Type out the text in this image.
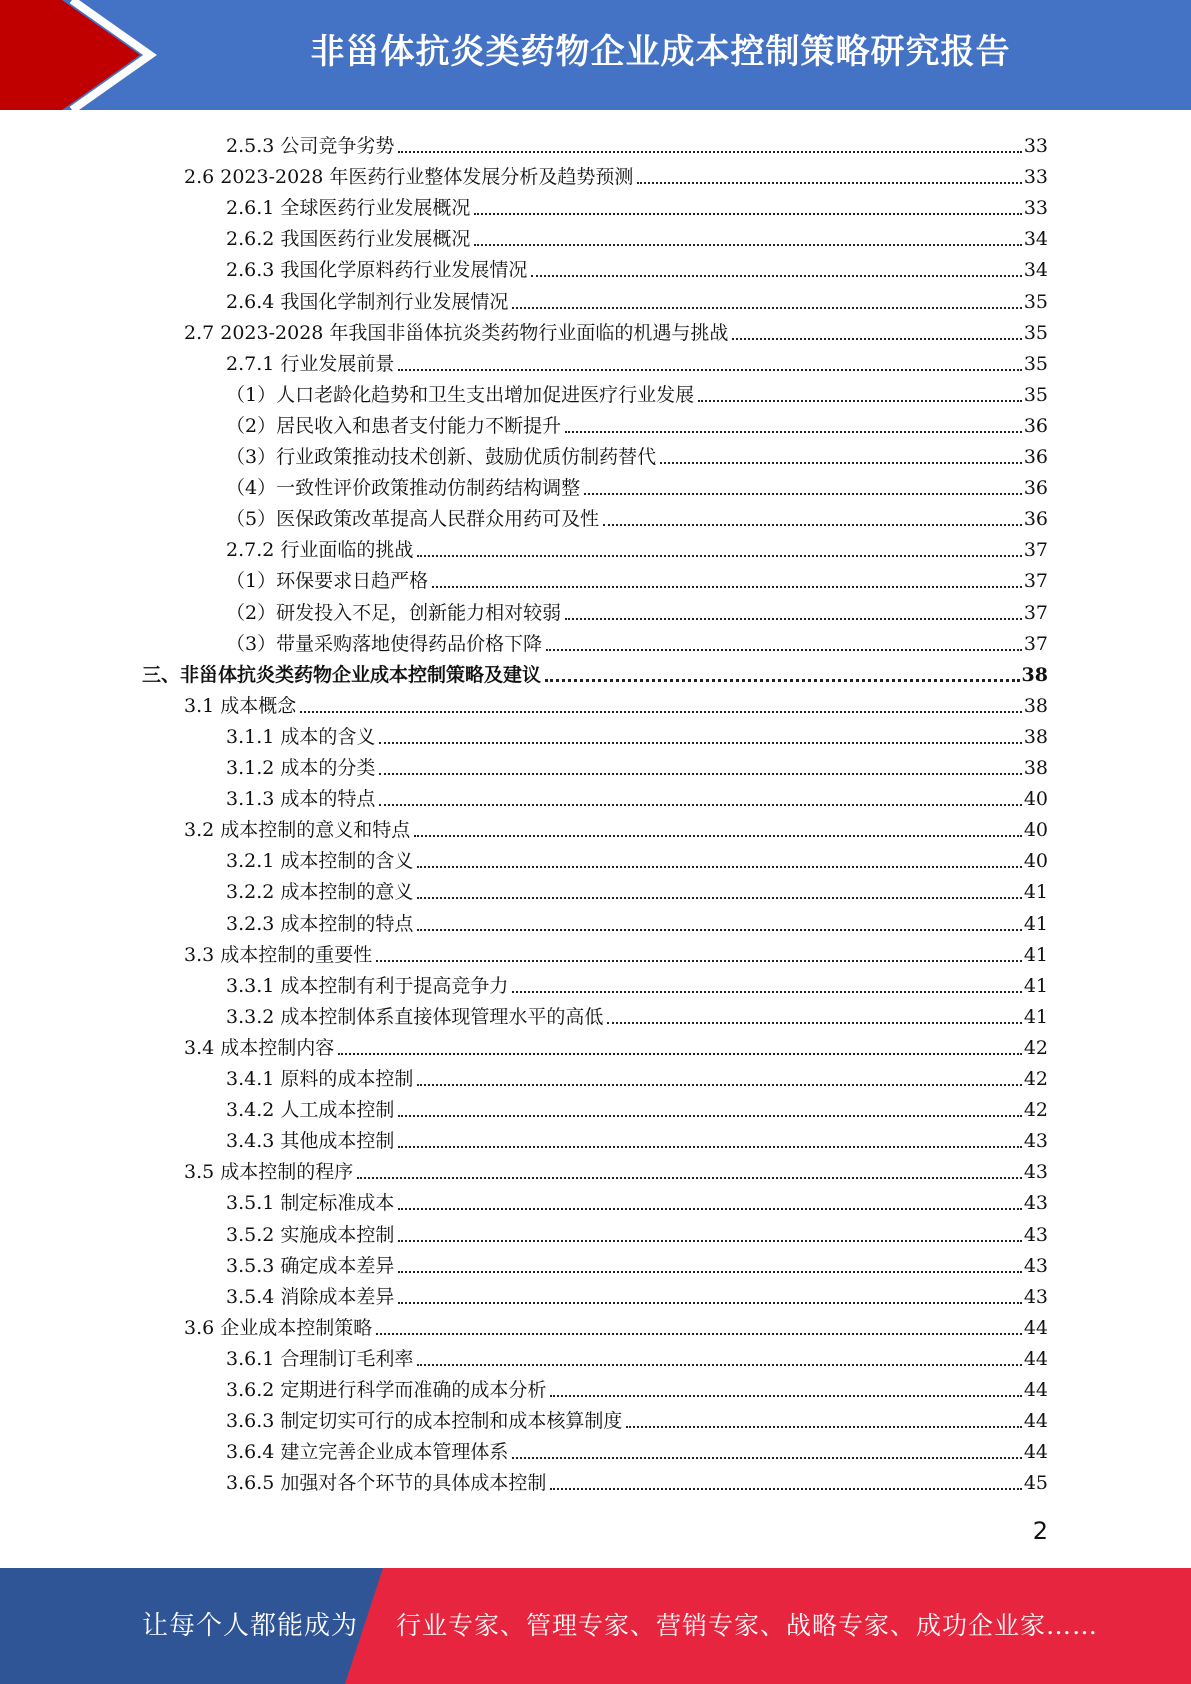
非甾体抗炎类药物企业成本控制策略研究报告
2.5.3 公司竞争劣势	33
2.6 2023-2028 年医药行业整体发展分析及趋势预测	33
2.6.1 全球医药行业发展概况	33
2.6.2 我国医药行业发展概况	34
2.6.3 我国化学原料药行业发展情况	34
2.6.4 我国化学制剂行业发展情况	35
2.7 2023-2028 年我国非甾体抗炎类药物行业面临的机遇与挑战	35
2.7.1 行业发展前景	35
（1）人口老龄化趋势和卫生支出增加促进医疗行业发展	35
（2）居民收入和患者支付能力不断提升	36
（3）行业政策推动技术创新、鼓励优质仿制药替代	36
（4）一致性评价政策推动仿制药结构调整	36
（5）医保政策改革提高人民群众用药可及性	36
2.7.2 行业面临的挑战	37
（1）环保要求日趋严格	37
（2）研发投入不足，创新能力相对较弱	37
（3）带量采购落地使得药品价格下降	37
三、非甾体抗炎类药物企业成本控制策略及建议	38
3.1 成本概念	38
3.1.1 成本的含义	38
3.1.2 成本的分类	38
3.1.3 成本的特点	40
3.2 成本控制的意义和特点	40
3.2.1 成本控制的含义	40
3.2.2 成本控制的意义	41
3.2.3 成本控制的特点	41
3.3 成本控制的重要性	41
3.3.1 成本控制有利于提高竞争力	41
3.3.2 成本控制体系直接体现管理水平的高低	41
3.4 成本控制内容	42
3.4.1 原料的成本控制	42
3.4.2 人工成本控制	42
3.4.3 其他成本控制	43
3.5 成本控制的程序	43
3.5.1 制定标准成本	43
3.5.2 实施成本控制	43
3.5.3 确定成本差异	43
3.5.4 消除成本差异	43
3.6 企业成本控制策略	44
3.6.1 合理制订毛利率	44
3.6.2 定期进行科学而准确的成本分析	44
3.6.3 制定切实可行的成本控制和成本核算制度	44
3.6.4 建立完善企业成本管理体系	44
3.6.5 加强对各个环节的具体成本控制	45
2
让每个人都能成为 行业专家、管理专家、营销专家、战略专家、成功企业家……
